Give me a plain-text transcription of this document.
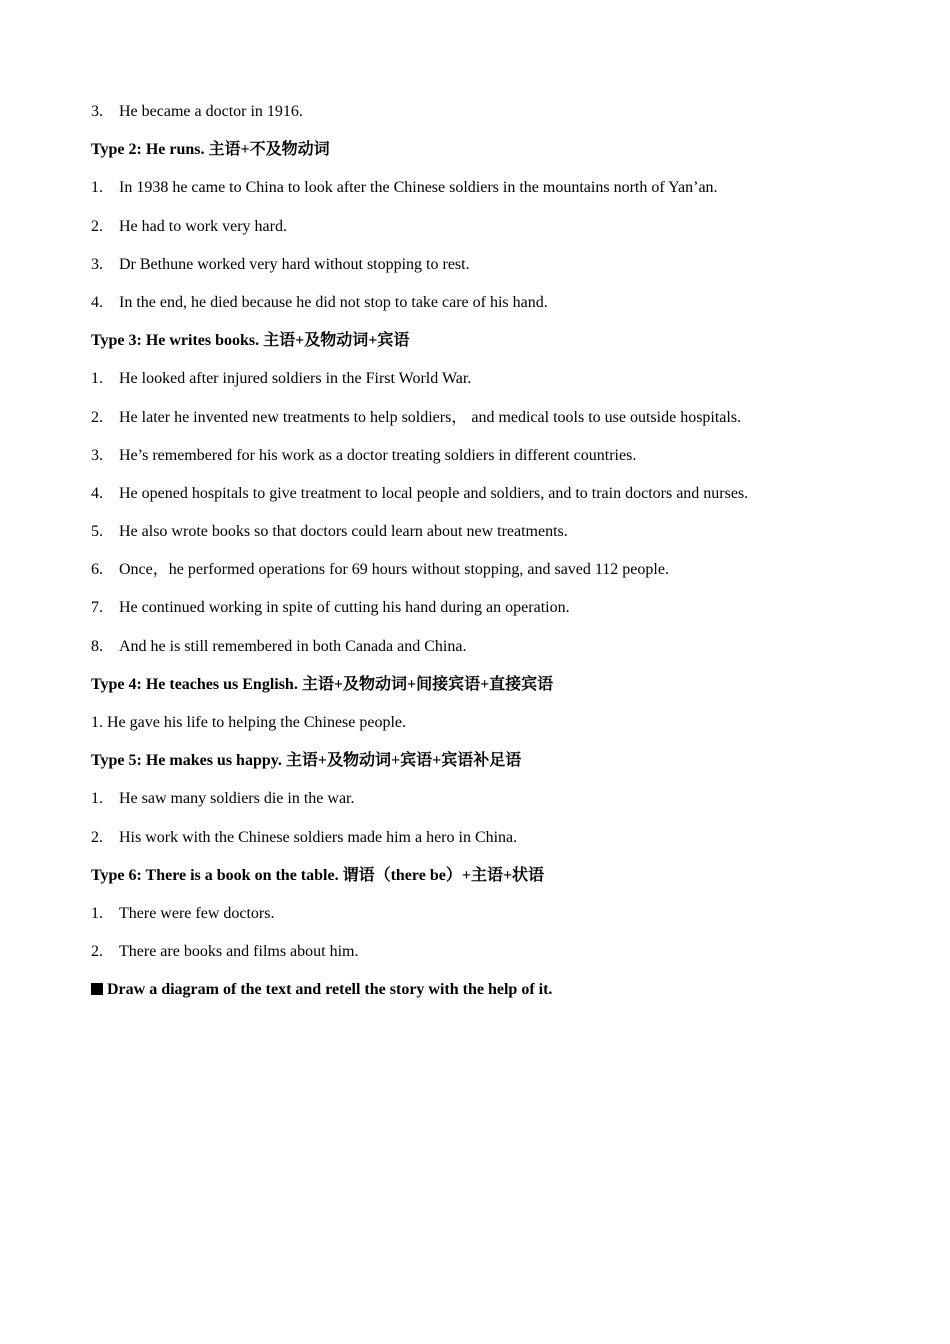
3. He became a doctor in 1916.
Type 2: He runs. 主语+不及物动词
1. In 1938 he came to China to look after the Chinese soldiers in the mountains north of Yan’an.
2. He had to work very hard.
3. Dr Bethune worked very hard without stopping to rest.
4. In the end, he died because he did not stop to take care of his hand.
Type 3: He writes books. 主语+及物动词+宾语
1. He looked after injured soldiers in the First World War.
2. He later he invented new treatments to help soldiers， and medical tools to use outside hospitals.
3. He’s remembered for his work as a doctor treating soldiers in different countries.
4. He opened hospitals to give treatment to local people and soldiers, and to train doctors and nurses.
5. He also wrote books so that doctors could learn about new treatments.
6. Once，he performed operations for 69 hours without stopping, and saved 112 people.
7. He continued working in spite of cutting his hand during an operation.
8. And he is still remembered in both Canada and China.
Type 4: He teaches us English. 主语+及物动词+间接宾语+直接宾语
1. He gave his life to helping the Chinese people.
Type 5: He makes us happy. 主语+及物动词+宾语+宾语补足语
1. He saw many soldiers die in the war.
2. His work with the Chinese soldiers made him a hero in China.
Type 6: There is a book on the table. 谓语（there be）+主语+状语
1. There were few doctors.
2. There are books and films about him.
Draw a diagram of the text and retell the story with the help of it.
